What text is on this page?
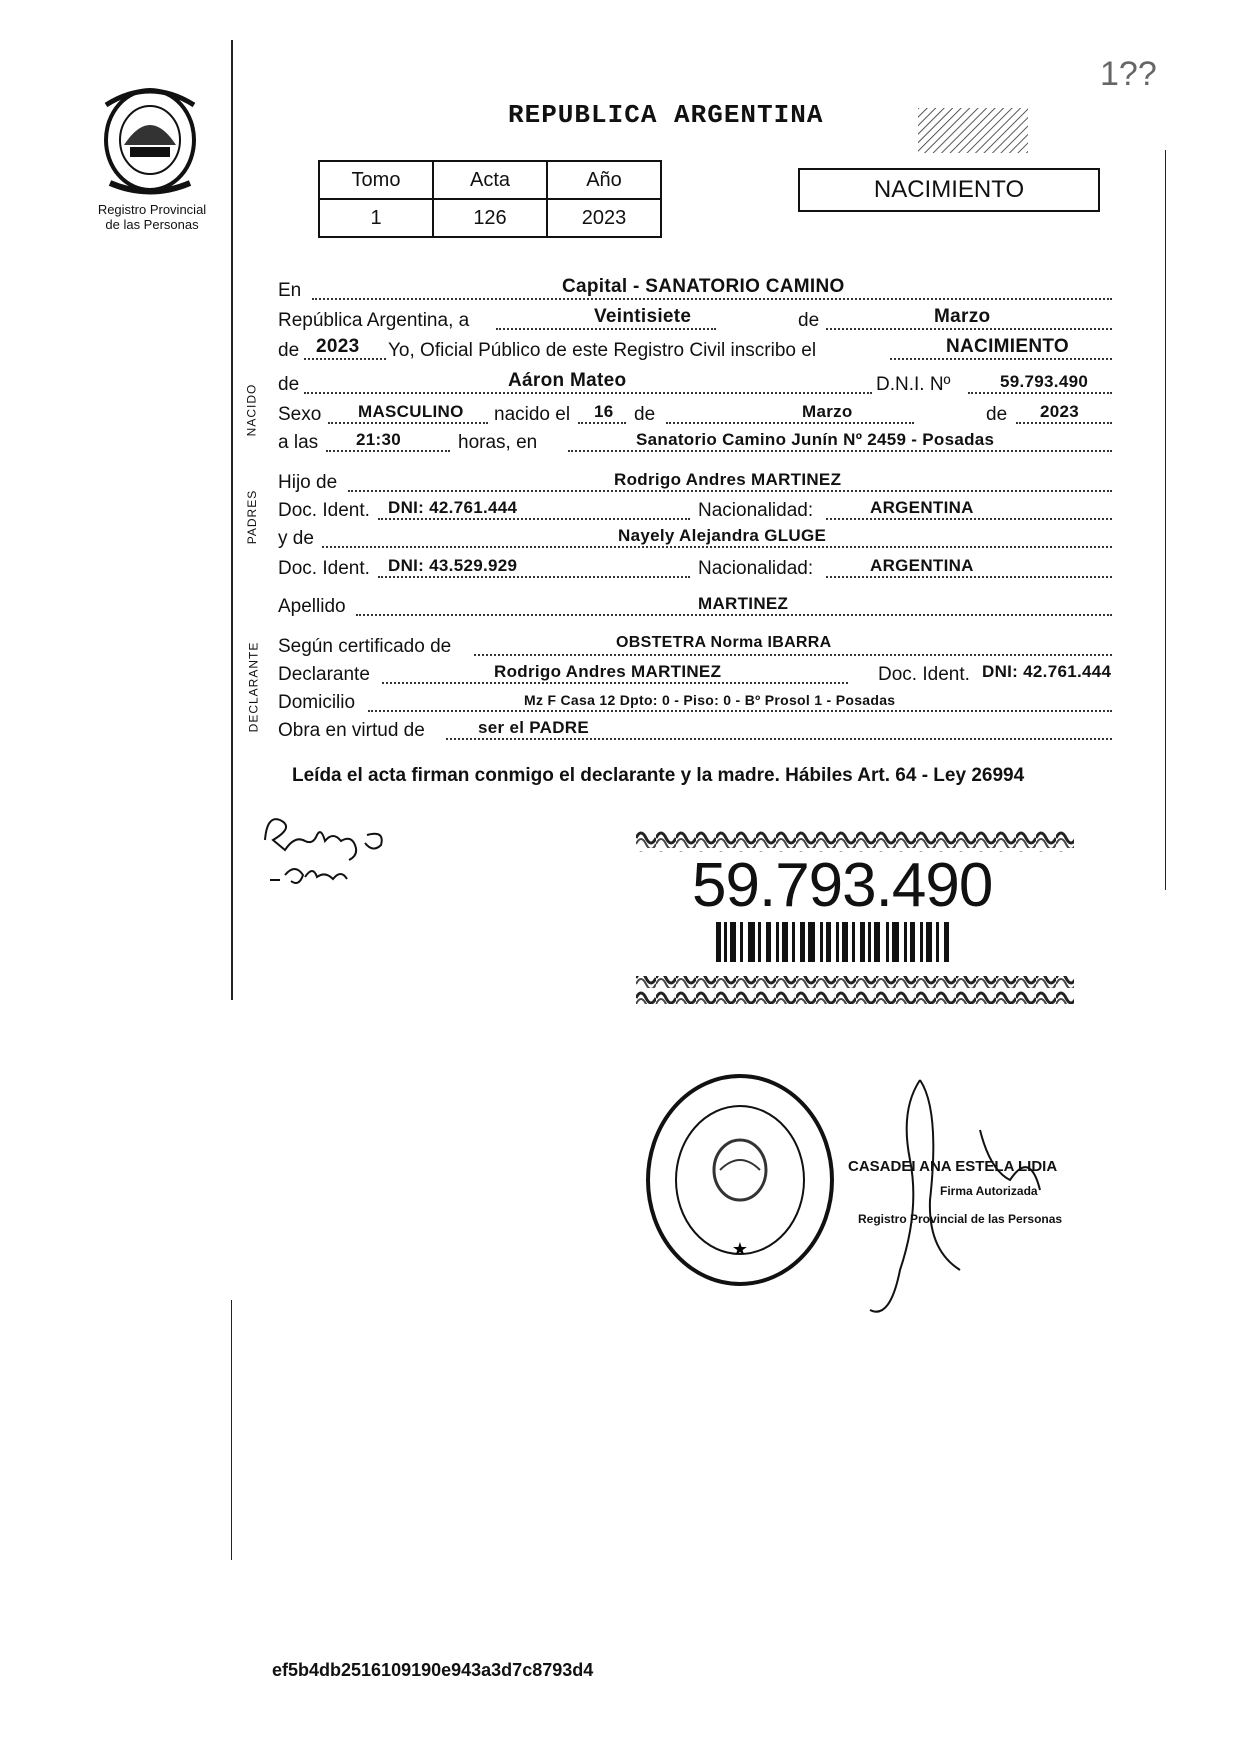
1??
Registro Provincial
de las Personas
REPUBLICA ARGENTINA
Tomo	Acta	Año
1	126	2023
NACIMIENTO
NACIDO
PADRES
DECLARANTE
En	Capital - SANATORIO CAMINO
República Argentina, a	Veintisiete	de	Marzo
de 2023 Yo, Oficial Público de este Registro Civil inscribo el	NACIMIENTO
de	Aáron Mateo	D.N.I. Nº	59.793.490
Sexo MASCULINO nacido el 16 de	Marzo	de 2023
a las 21:30	horas, en	Sanatorio Camino Junín Nº 2459 - Posadas
Hijo de	Rodrigo Andres MARTINEZ
Doc. Ident. DNI: 42.761.444	Nacionalidad:	ARGENTINA
y de	Nayely Alejandra GLUGE
Doc. Ident. DNI: 43.529.929	Nacionalidad:	ARGENTINA
Apellido	MARTINEZ
Según certificado de	OBSTETRA Norma IBARRA
Declarante	Rodrigo Andres MARTINEZ	Doc. Ident. DNI: 42.761.444
Domicilio	Mz F Casa 12 Dpto: 0 - Piso: 0 - Bº Prosol 1 - Posadas
Obra en virtud de	ser el PADRE
Leída el acta firman conmigo el declarante y la madre. Hábiles Art. 64 - Ley 26994
59.793.490
★
CASADEI ANA ESTELA LIDIA
Firma Autorizada
Registro Provincial de las Personas
ef5b4db2516109190e943a3d7c8793d4
